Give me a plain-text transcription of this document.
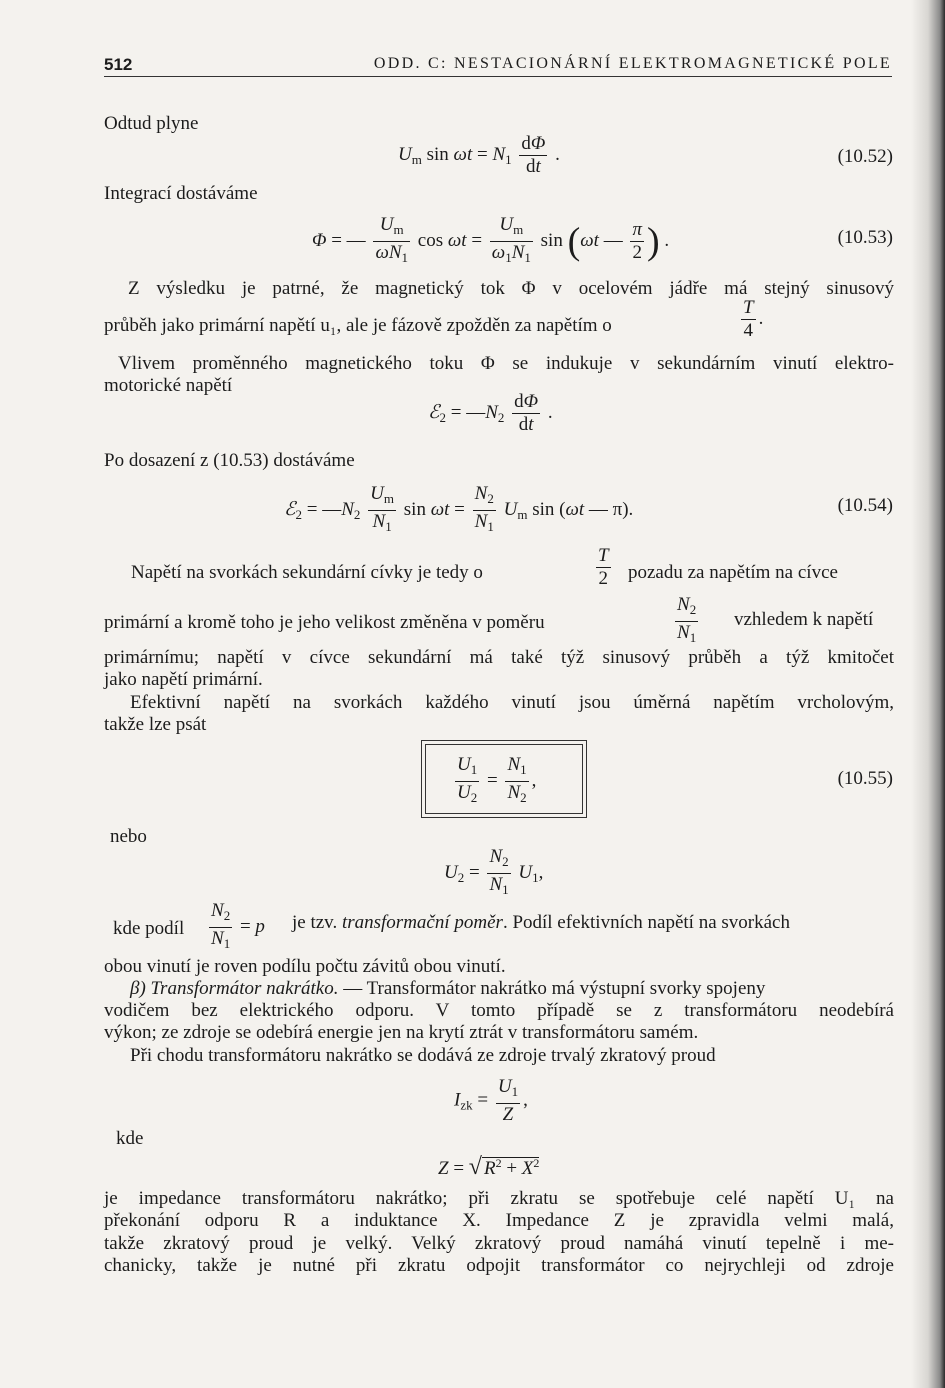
512	ODD. C: NESTACIONÁRNÍ ELEKTROMAGNETICKÉ POLE
Odtud plyne
$U_m$ $\sin \omega t = N_1 \frac{d\Phi}{dt}$ .	(10.52)
Integrací dostáváme
Φ = — $\frac{U_m}{\omega N_1}$ $\cos \omega t = \frac{U_m}{\omega_1N_1}$ sin (ωt — $\frac{\pi}{2}$ ) .	(10.53)
Z výsledku je patrné, že magnetický tok Φ v ocelovém jádře má stejný sinusový
průběh jako primární napětí u₁, ale je fázově zpožděn za napětím o	$\frac{T}{4}$ .
Vlivem proměnného magnetického toku Φ se indukuje v sekundárním vinutí elektro-
motorické napětí
ℰ$_2$ = $—N_2 \frac{d\Phi}{dt}$ .
Po dosazení z (10.53) dostáváme
ℰ$_2$ = $—N_2 \frac{U_m}{N_1}$ $\sin \omega t = \frac{N_2}{N_1} U_m$ sin (ωt — π).	(10.54)
Napětí na svorkách sekundární cívky je tedy o	$\frac{T}{2}$ pozadu za napětím na cívce
primární a kromě toho je jeho velikost změněna v poměru	$\frac{N_2}{N_1}$ vzhledem k napětí
primárnímu; napětí v cívce sekundární má také týž sinusový průběh a týž kmitočet
jako napětí primární.
Efektivní napětí na svorkách každého vinutí jsou úměrná napětím vrcholovým,
takže lze psát
$\frac{U_1}{U_2} = \frac{N_1}{N_2}$ ,	(10.55)
nebo
$U_2 = \frac{N_2}{N_1} U_1$,
kde podíl $\frac{N_2}{N_1} = p$ je tzv. transformační poměr. Podíl efektivních napětí na svorkách
obou vinutí je roven podílu počtu závitů obou vinutí.
β) Transformátor nakrátko. — Transformátor nakrátko má výstupní svorky spojeny
vodičem bez elektrického odporu. V tomto případě se z transformátoru neodebírá
výkon; ze zdroje se odebírá energie jen na krytí ztrát v transformátoru samém.
Při chodu transformátoru nakrátko se dodává ze zdroje trvalý zkratový proud
$I_{zk} = \frac{U_1}{Z}$ ,
kde
Z = √ $R^2 + X^2$
je impedance transformátoru nakrátko; při zkratu se spotřebuje celé napětí U₁ na
překonání odporu R a induktance X. Impedance Z je zpravidla velmi malá,
takže zkratový proud je velký. Velký zkratový proud namáhá vinutí tepelně i me-
chanicky, takže je nutné při zkratu odpojit transformátor co nejrychleji od zdroje
